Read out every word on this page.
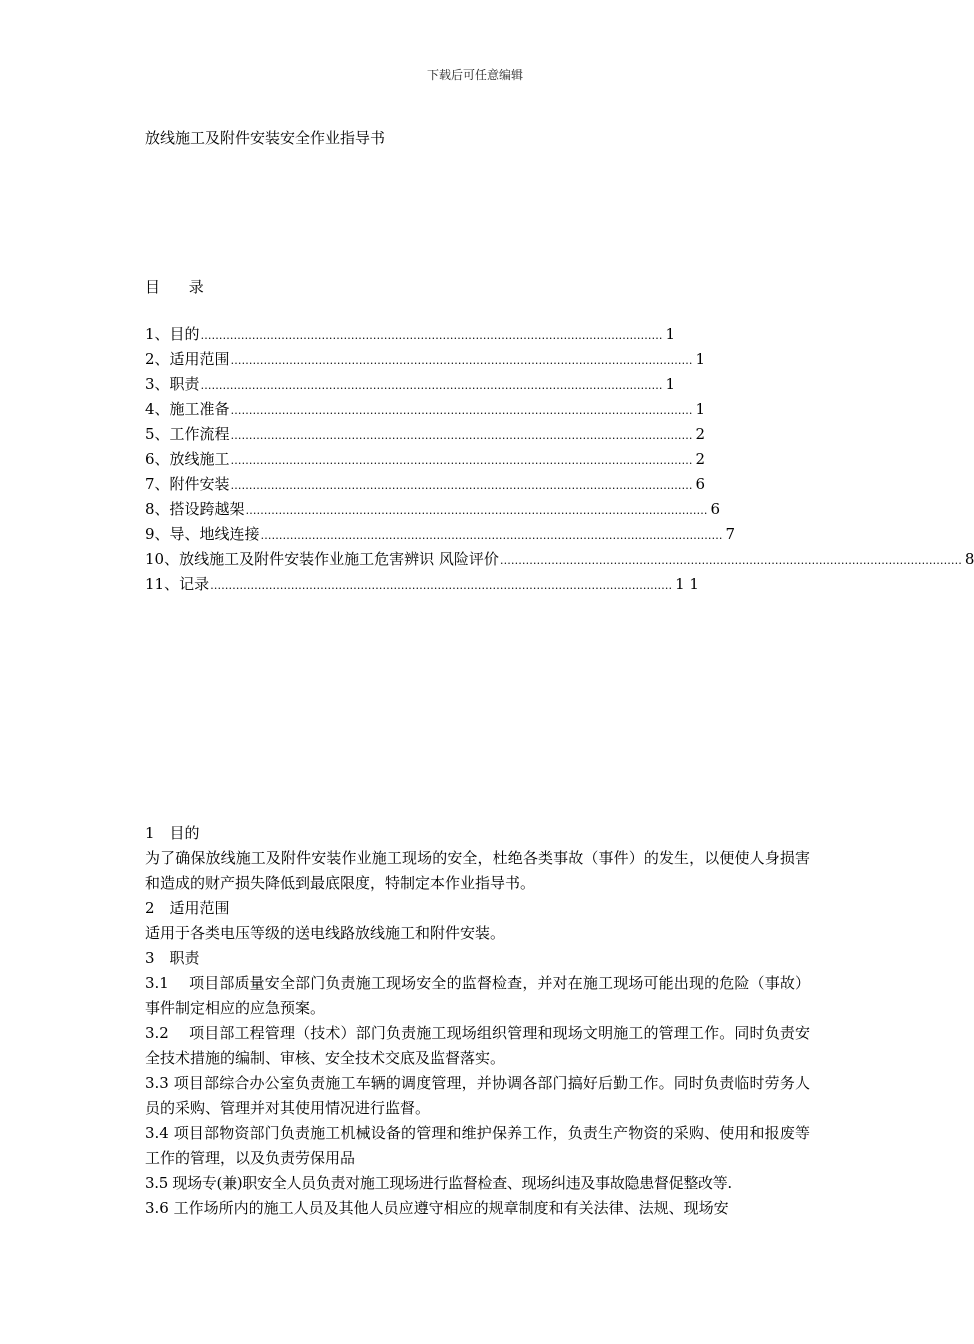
下载后可任意编辑
放线施工及附件安装安全作业指导书
目 录
1、目的 ……………………………………………………………………………………………………………… 1
2、适用范围 ……………………………………………………………………………………………………………… 1
3、职责 ……………………………………………………………………………………………………………… 1
4、施工准备 ……………………………………………………………………………………………………………… 1
5、工作流程 ……………………………………………………………………………………………………………… 2
6、放线施工 ……………………………………………………………………………………………………………… 2
7、附件安装 ……………………………………………………………………………………………………………… 6
8、搭设跨越架 ……………………………………………………………………………………………………………… 6
9、导、地线连接 ……………………………………………………………………………………………………………… 7
10、放线施工及附件安装作业施工危害辨识 风险评价 ……………………………………………………………………………………………………………… 8
11、记录 ……………………………………………………………………………………………………………… 1 1
1　目的
为了确保放线施工及附件安装作业施工现场的安全，杜绝各类事故（事件）的发生，以便使人身损害和造成的财产损失降低到最底限度，特制定本作业指导书。
2　适用范围
适用于各类电压等级的送电线路放线施工和附件安装。
3　职责
3.1　 项目部质量安全部门负责施工现场安全的监督检查，并对在施工现场可能出现的危险（事故）事件制定相应的应急预案。
3.2　 项目部工程管理（技术）部门负责施工现场组织管理和现场文明施工的管理工作。同时负责安全技术措施的编制、审核、安全技术交底及监督落实。
3.3 项目部综合办公室负责施工车辆的调度管理，并协调各部门搞好后勤工作。同时负责临时劳务人员的采购、管理并对其使用情况进行监督。
3.4 项目部物资部门负责施工机械设备的管理和维护保养工作，负责生产物资的采购、使用和报废等工作的管理，以及负责劳保用品
3.5 现场专(兼)职安全人员负责对施工现场进行监督检查、现场纠违及事故隐患督促整改等.
3.6 工作场所内的施工人员及其他人员应遵守相应的规章制度和有关法律、法规、现场安
